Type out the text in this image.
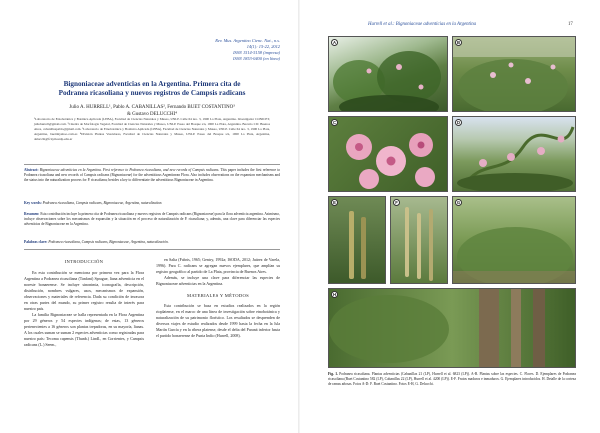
Rev. Mus. Argentino Cienc. Nat., n.s.
14(1): 15-22, 2012
ISSN 1514-5158 (impresa)
ISSN 1853-0400 (en línea)
Bignoniaceae adventicias en la Argentina. Primera cita de
Podranea ricasoliana y nuevos registros de Campsis radicans
Julio A. HURRELL¹, Pablo A. CABANILLAS², Fernando BUET COSTANTINO³
& Gustavo DELUCCHI⁴
¹Laboratorio de Etnobotánica y Botánica Aplicada (LEBA), Facultad de Ciencias Naturales y Museo, UNLP. Calle 64 nro. 3, 1900 La Plata, Argentina. Investigador CONICET, juliohurrell@gmail.com. ²Cátedra de Morfología Vegetal, Facultad de Ciencias Naturales y Museo, UNLP. Paseo del Bosque s/n, 1900 La Plata, Argentina. Becario CIC Buenos Aires, cabanillaspablo@gmail.com. ³Laboratorio de Etnobotánica y Botánica Aplicada (LEBA), Facultad de Ciencias Naturales y Museo, UNLP. Calle 64 nro. 3, 1900 La Plata, Argentina, buettinyahoo.com.ar. ⁴División Plantas Vasculares, Facultad de Ciencias Naturales y Museo, UNLP. Paseo del Bosque s/n, 1900 La Plata, Argentina, delucchi@fcnym.unlp.edu.ar
Abstract: Bignoniaceae adventicias en la Argentina. First reference to Podranea ricasoliana, and new records of Campsis radicans. This paper includes the first reference to Podranea ricasoliana and new records of Campsis radicans (Bignoniaceae) for the adventitious Argentinean Flora. Also includes observations on the expansion mechanisms and the status into the naturalization process for P. ricasoliana; besides a key to differentiate the adventitious Bignoniaceae in Argentina.
Key words: Podranea ricasoliana, Campsis radicans, Bignoniaceae, Argentina, naturalization.
Resumen: Esta contribución incluye la primera cita de Podranea ricasoliana y nuevos registros de Campsis radicans (Bignoniaceae) para la flora adventicia argentina. Asimismo, incluye observaciones sobre los mecanismos de expansión y la situación en el proceso de naturalización de P. ricasoliana; y, además, una clave para diferenciar las especies adventicias de Bignoniaceae en la Argentina.
Palabras clave: Podranea ricasoliana, Campsis radicans, Bignoniaceae, Argentina, naturalización.
INTRODUCCIÓN

En esta contribución se menciona por primera vez para la Flora Argentina a Podranea ricasoliana (Tanfani) Sprague, liana adventicia en el noreste bonaerense. Se incluye sinonimia, iconografía, descripción, distribución, nombres vulgares, usos, mecanismos de expansión, observaciones y materiales de referencia. Dada su condición de invasora en otras partes del mundo, su primer registro resulta de interés para nuestro país.

La familia Bignoniaceae se halla representada en la Flora Argentina por 29 géneros y 54 especies indígenas; de estas, 13 géneros pertenecientes a 16 géneros son plantas trepadoras, en su mayoría, lianas. A los cuales suman se suman 2 especies adventicias como registradas para nuestro país: Tecoma capensis (Thunb.) Lindl., en Corrientes, y Campsis radicans (L.) Seem.,

en Salta (Fabris, 1965; Gentry, 1992a; ISODA, 2012; Juárez de Varela, 1996). Para C. radicans se agregan nuevos ejemplares, que amplían su registro geográfico al partido de La Plata, provincia de Buenos Aires.

Además, se incluye una clave para diferenciar las especies de Bignoniaceae adventicias en la Argentina.

MATERIALES Y MÉTODOS

Esta contribución se basa en estudios realizados en la región rioplatense, en el marco de una línea de investigación sobre etnobotánica y naturalización de su patrimonio florístico. Los resultados se desprenden de diversos viajes de estudio realizados desde 1999 hasta la fecha en la Isla Martín García y en la ribera platense, desde el delta del Paraná inferior hasta el partido bonaerense de Punta Indio (Hurrell, 2008).

Hurrell et al.: Bignoniaceae adventicias en la Argentina	17
A	B
C	D
E	F	G
H
Fig. 1. Podranea ricasoliana. Plantas adventicias (Cabanillas 21 (LP), Hurrell et al. 6823 (LP)). A-B. Plantas sobre las especies. C. Flores. D. Ejemplares de Podranea ricasoliana (Buet Costantino 582 (LP), Cabanillas 22 (LP), Hurrell et al. 4200 (LP)). E-F. Frutos maduros e inmaduros. G. Ejemplares introducidos. H. Detalle de la corteza de ramas añosas. Fotos A-D: F. Buet Costantino. Fotos E-H, G. Delucchi.
